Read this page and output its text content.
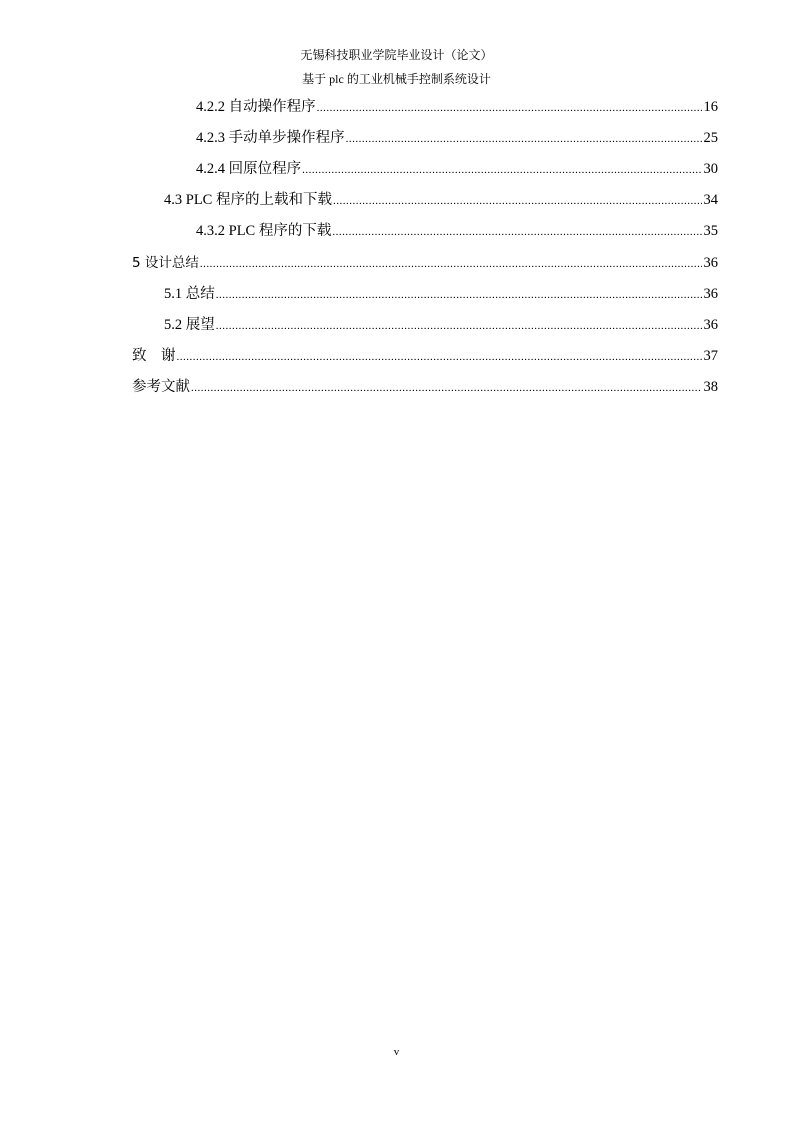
无锡科技职业学院毕业设计（论文）
基于 plc 的工业机械手控制系统设计
4.2.2 自动操作程序 .....	16
4.2.3 手动单步操作程序 .....	25
4.2.4 回原位程序 .....	30
4.3 PLC 程序的上载和下载 .....	34
4.3.2 PLC 程序的下载 .....	35
5 设计总结 .....	36
5.1 总结 .....	36
5.2 展望 .....	36
致    谢 .....	37
参考文献 .....	38
v
